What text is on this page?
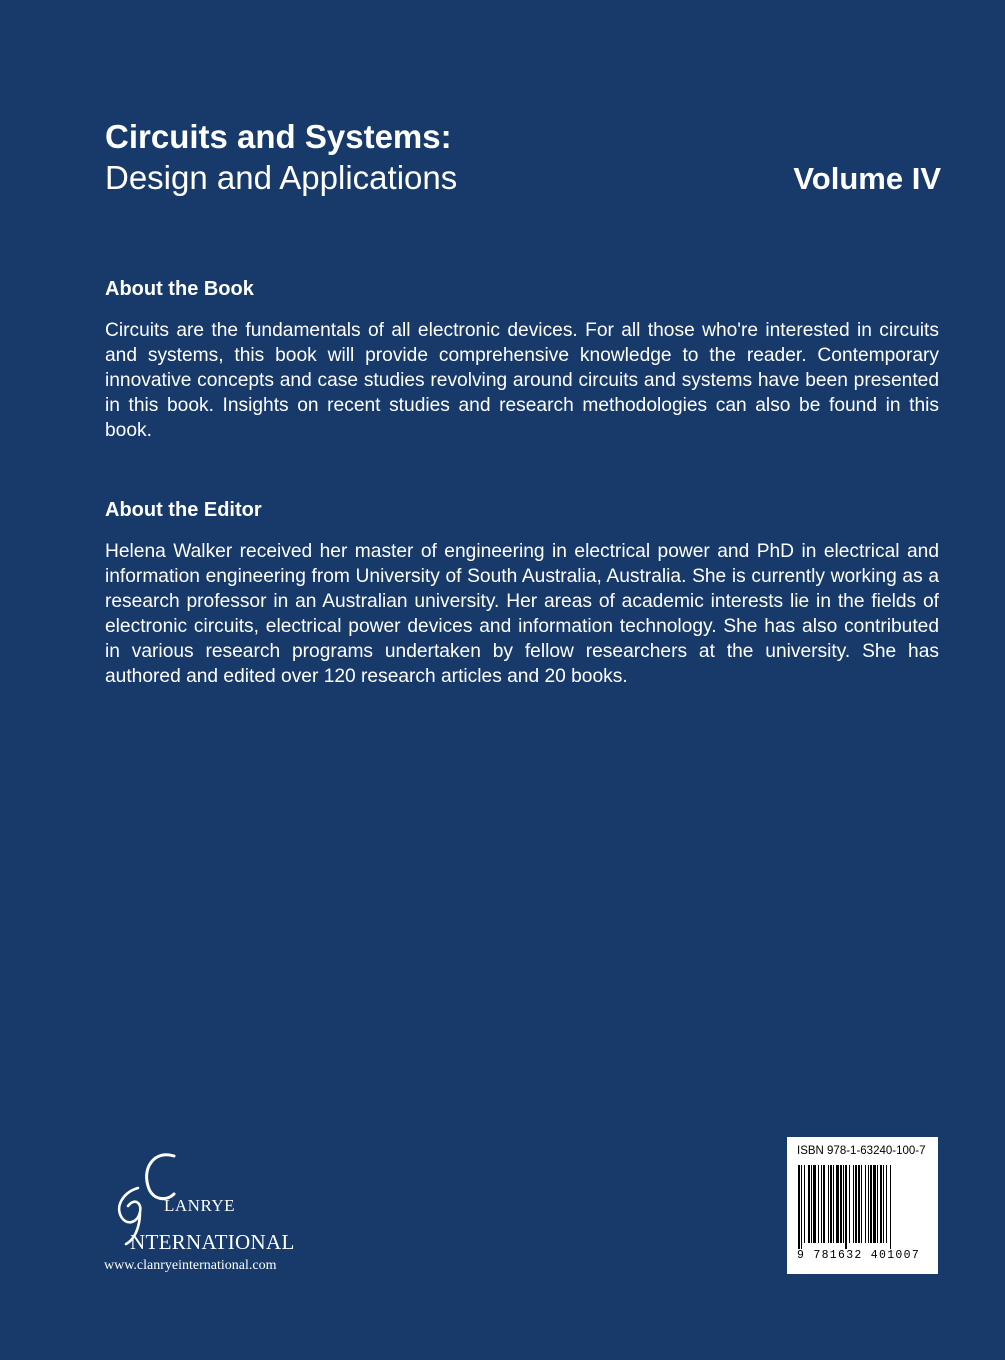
Circuits and Systems:
Design and Applications	Volume IV
About the Book
Circuits are the fundamentals of all electronic devices. For all those who're interested in circuits and systems, this book will provide comprehensive knowledge to the reader. Contemporary innovative concepts and case studies revolving around circuits and systems have been presented in this book. Insights on recent studies and research methodologies can also be found in this book.
About the Editor
Helena Walker received her master of engineering in electrical power and PhD in electrical and information engineering from University of South Australia, Australia. She is currently working as a research professor in an Australian university. Her areas of academic interests lie in the fields of electronic circuits, electrical power devices and information technology. She has also contributed in various research programs undertaken by fellow researchers at the university. She has authored and edited over 120 research articles and 20 books.
LANRYE
NTERNATIONAL
www.clanryeinternational.com
ISBN 978-1-63240-100-7
9 781632 401007
